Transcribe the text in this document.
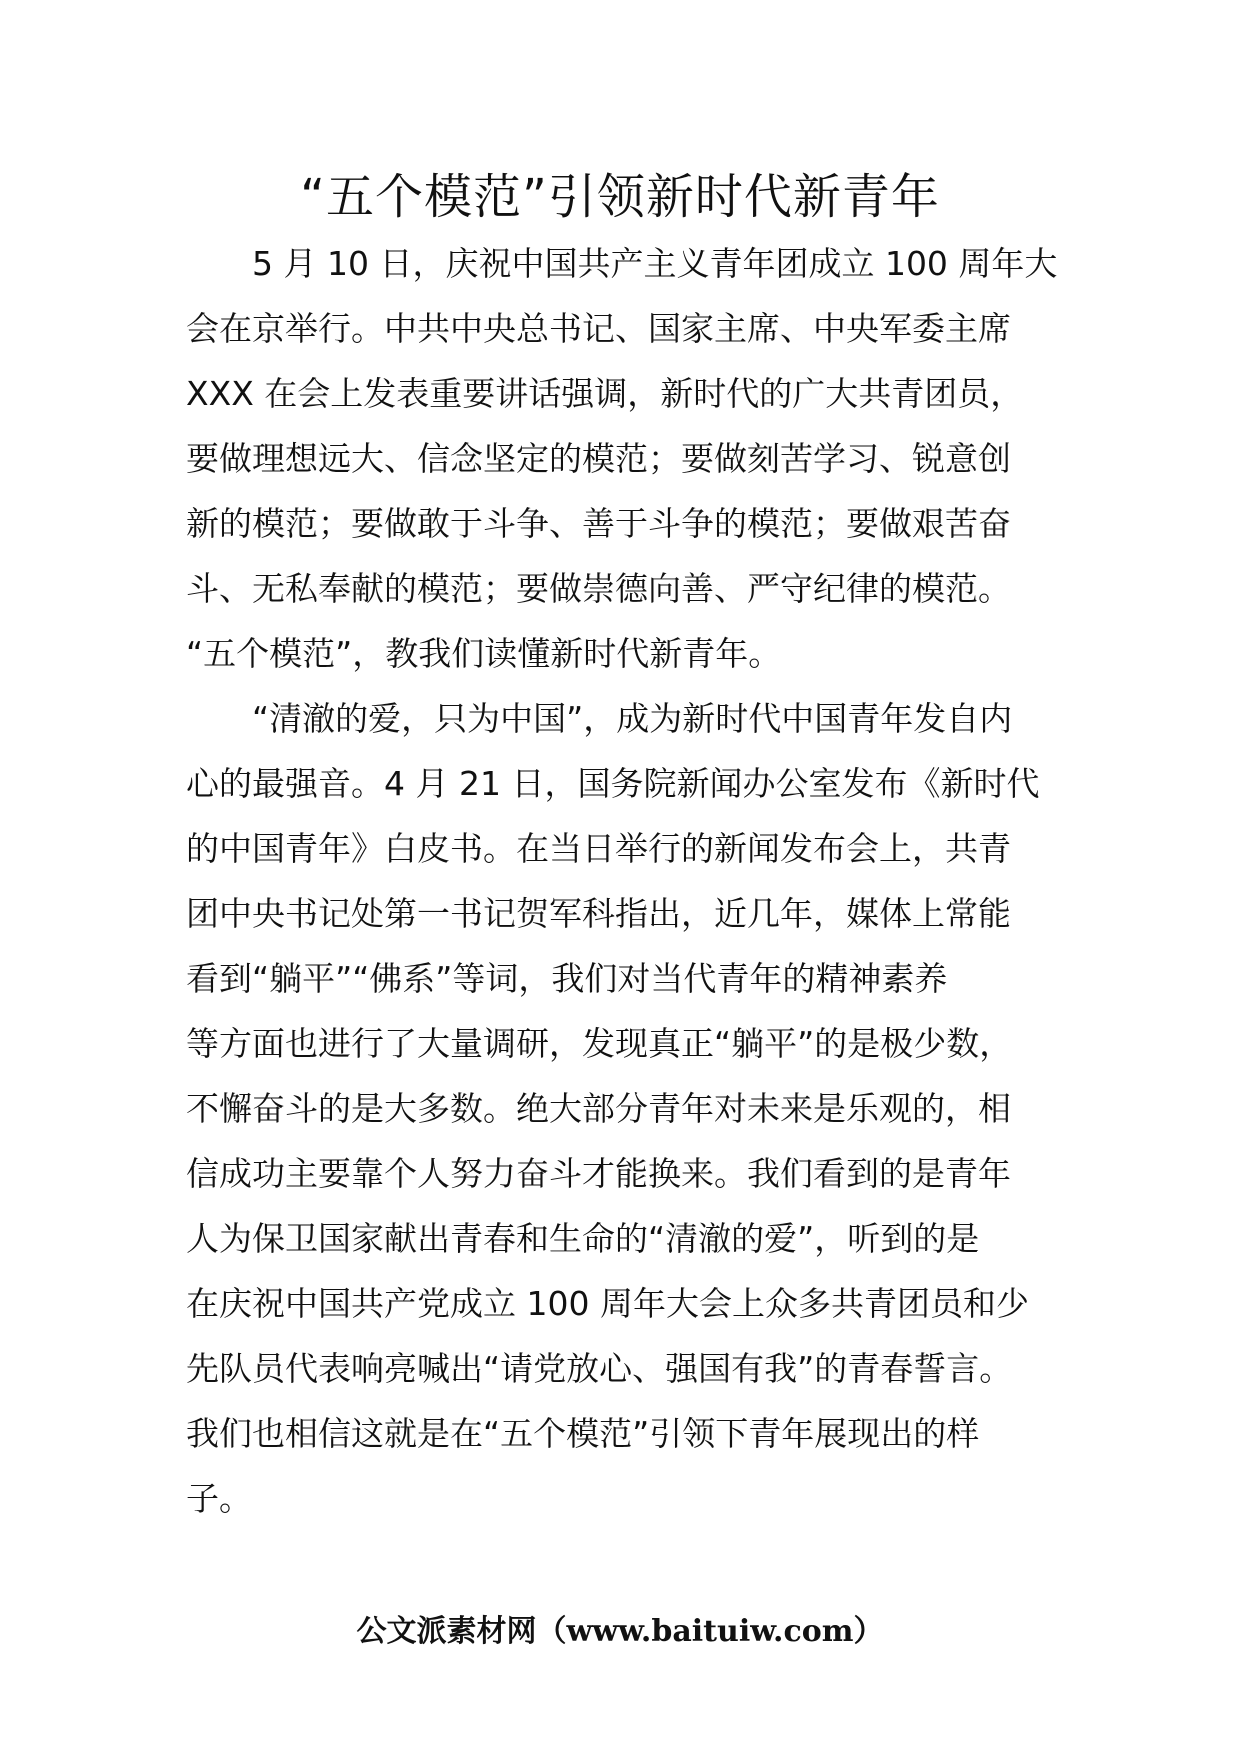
“五个模范”引领新时代新青年
　　5 月 10 日，庆祝中国共产主义青年团成立 100 周年大
会在京举行。中共中央总书记、国家主席、中央军委主席
XXX 在会上发表重要讲话强调，新时代的广大共青团员，
要做理想远大、信念坚定的模范；要做刻苦学习、锐意创
新的模范；要做敢于斗争、善于斗争的模范；要做艰苦奋
斗、无私奉献的模范；要做崇德向善、严守纪律的模范。
“五个模范”，教我们读懂新时代新青年。
　　“清澈的爱，只为中国”，成为新时代中国青年发自内
心的最强音。4 月 21 日，国务院新闻办公室发布《新时代
的中国青年》白皮书。在当日举行的新闻发布会上，共青
团中央书记处第一书记贺军科指出，近几年，媒体上常能
看到“躺平”“佛系”等词，我们对当代青年的精神素养
等方面也进行了大量调研，发现真正“躺平”的是极少数，
不懈奋斗的是大多数。绝大部分青年对未来是乐观的，相
信成功主要靠个人努力奋斗才能换来。我们看到的是青年
人为保卫国家献出青春和生命的“清澈的爱”，听到的是
在庆祝中国共产党成立 100 周年大会上众多共青团员和少
先队员代表响亮喊出“请党放心、强国有我”的青春誓言。
我们也相信这就是在“五个模范”引领下青年展现出的样
子。
公文派素材网（www.baituiw.com）
